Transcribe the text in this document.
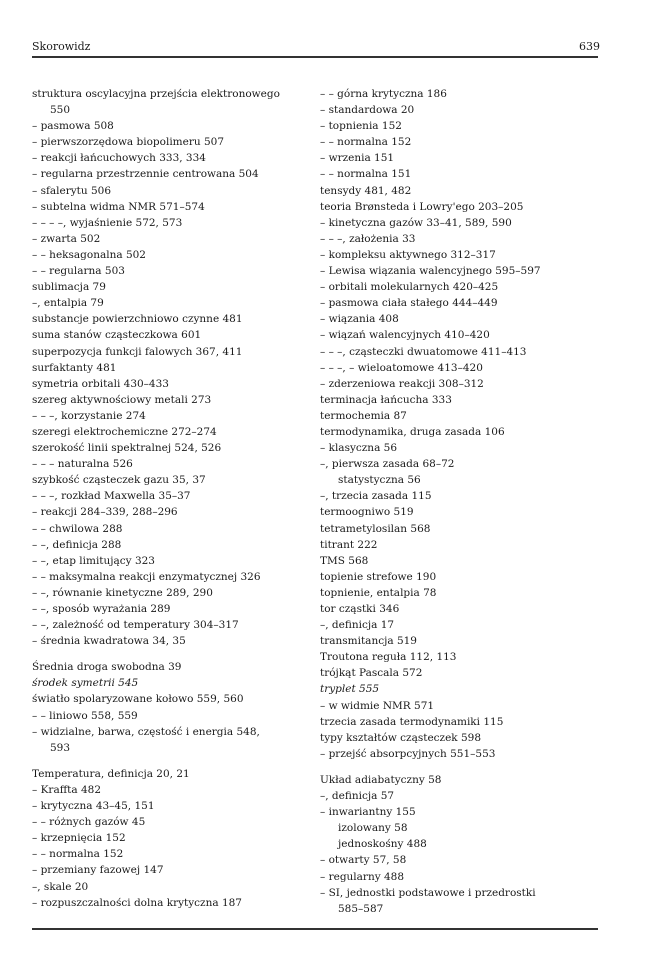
Skorowidz	639
struktura oscylacyjna przejścia elektronowego
550
– pasmowa 508
– pierwszorzędowa biopolimeru 507
– reakcji łańcuchowych 333, 334
– regularna przestrzennie centrowana 504
– sfalerytu 506
– subtelna widma NMR 571–574
– – – –, wyjaśnienie 572, 573
– zwarta 502
– – heksagonalna 502
– – regularna 503
sublimacja 79
–, entalpia 79
substancje powierzchniowo czynne 481
suma stanów cząsteczkowa 601
superpozycja funkcji falowych 367, 411
surfaktanty 481
symetria orbitali 430–433
szereg aktywnościowy metali 273
– – –, korzystanie 274
szeregi elektrochemiczne 272–274
szerokość linii spektralnej 524, 526
– – – naturalna 526
szybkość cząsteczek gazu 35, 37
– – –, rozkład Maxwella 35–37
– reakcji 284–339, 288–296
– – chwilowa 288
– –, definicja 288
– –, etap limitujący 323
– – maksymalna reakcji enzymatycznej 326
– –, równanie kinetyczne 289, 290
– –, sposób wyrażania 289
– –, zależność od temperatury 304–317
– średnia kwadratowa 34, 35
Średnia droga swobodna 39
środek symetrii 545
światło spolaryzowane kołowo 559, 560
– – liniowo 558, 559
– widzialne, barwa, częstość i energia 548,
593
Temperatura, definicja 20, 21
– Kraffta 482
– krytyczna 43–45, 151
– – różnych gazów 45
– krzepnięcia 152
– – normalna 152
– przemiany fazowej 147
–, skale 20
– rozpuszczalności dolna krytyczna 187
– – górna krytyczna 186
– standardowa 20
– topnienia 152
– – normalna 152
– wrzenia 151
– – normalna 151
tensydy 481, 482
teoria Brønsteda i Lowry'ego 203–205
– kinetyczna gazów 33–41, 589, 590
– – –, założenia 33
– kompleksu aktywnego 312–317
– Lewisa wiązania walencyjnego 595–597
– orbitali molekularnych 420–425
– pasmowa ciała stałego 444–449
– wiązania 408
– wiązań walencyjnych 410–420
– – –, cząsteczki dwuatomowe 411–413
– – –, – wieloatomowe 413–420
– zderzeniowa reakcji 308–312
terminacja łańcucha 333
termochemia 87
termodynamika, druga zasada 106
– klasyczna 56
–, pierwsza zasada 68–72
statystyczna 56
–, trzecia zasada 115
termoogniwo 519
tetrametylosilan 568
titrant 222
TMS 568
topienie strefowe 190
topnienie, entalpia 78
tor cząstki 346
–, definicja 17
transmitancja 519
Troutona reguła 112, 113
trójkąt Pascala 572
tryplet 555
– w widmie NMR 571
trzecia zasada termodynamiki 115
typy kształtów cząsteczek 598
– przejść absorpcyjnych 551–553
Układ adiabatyczny 58
–, definicja 57
– inwariantny 155
izolowany 58
jednoskośny 488
– otwarty 57, 58
– regularny 488
– SI, jednostki podstawowe i przedrostki
585–587
